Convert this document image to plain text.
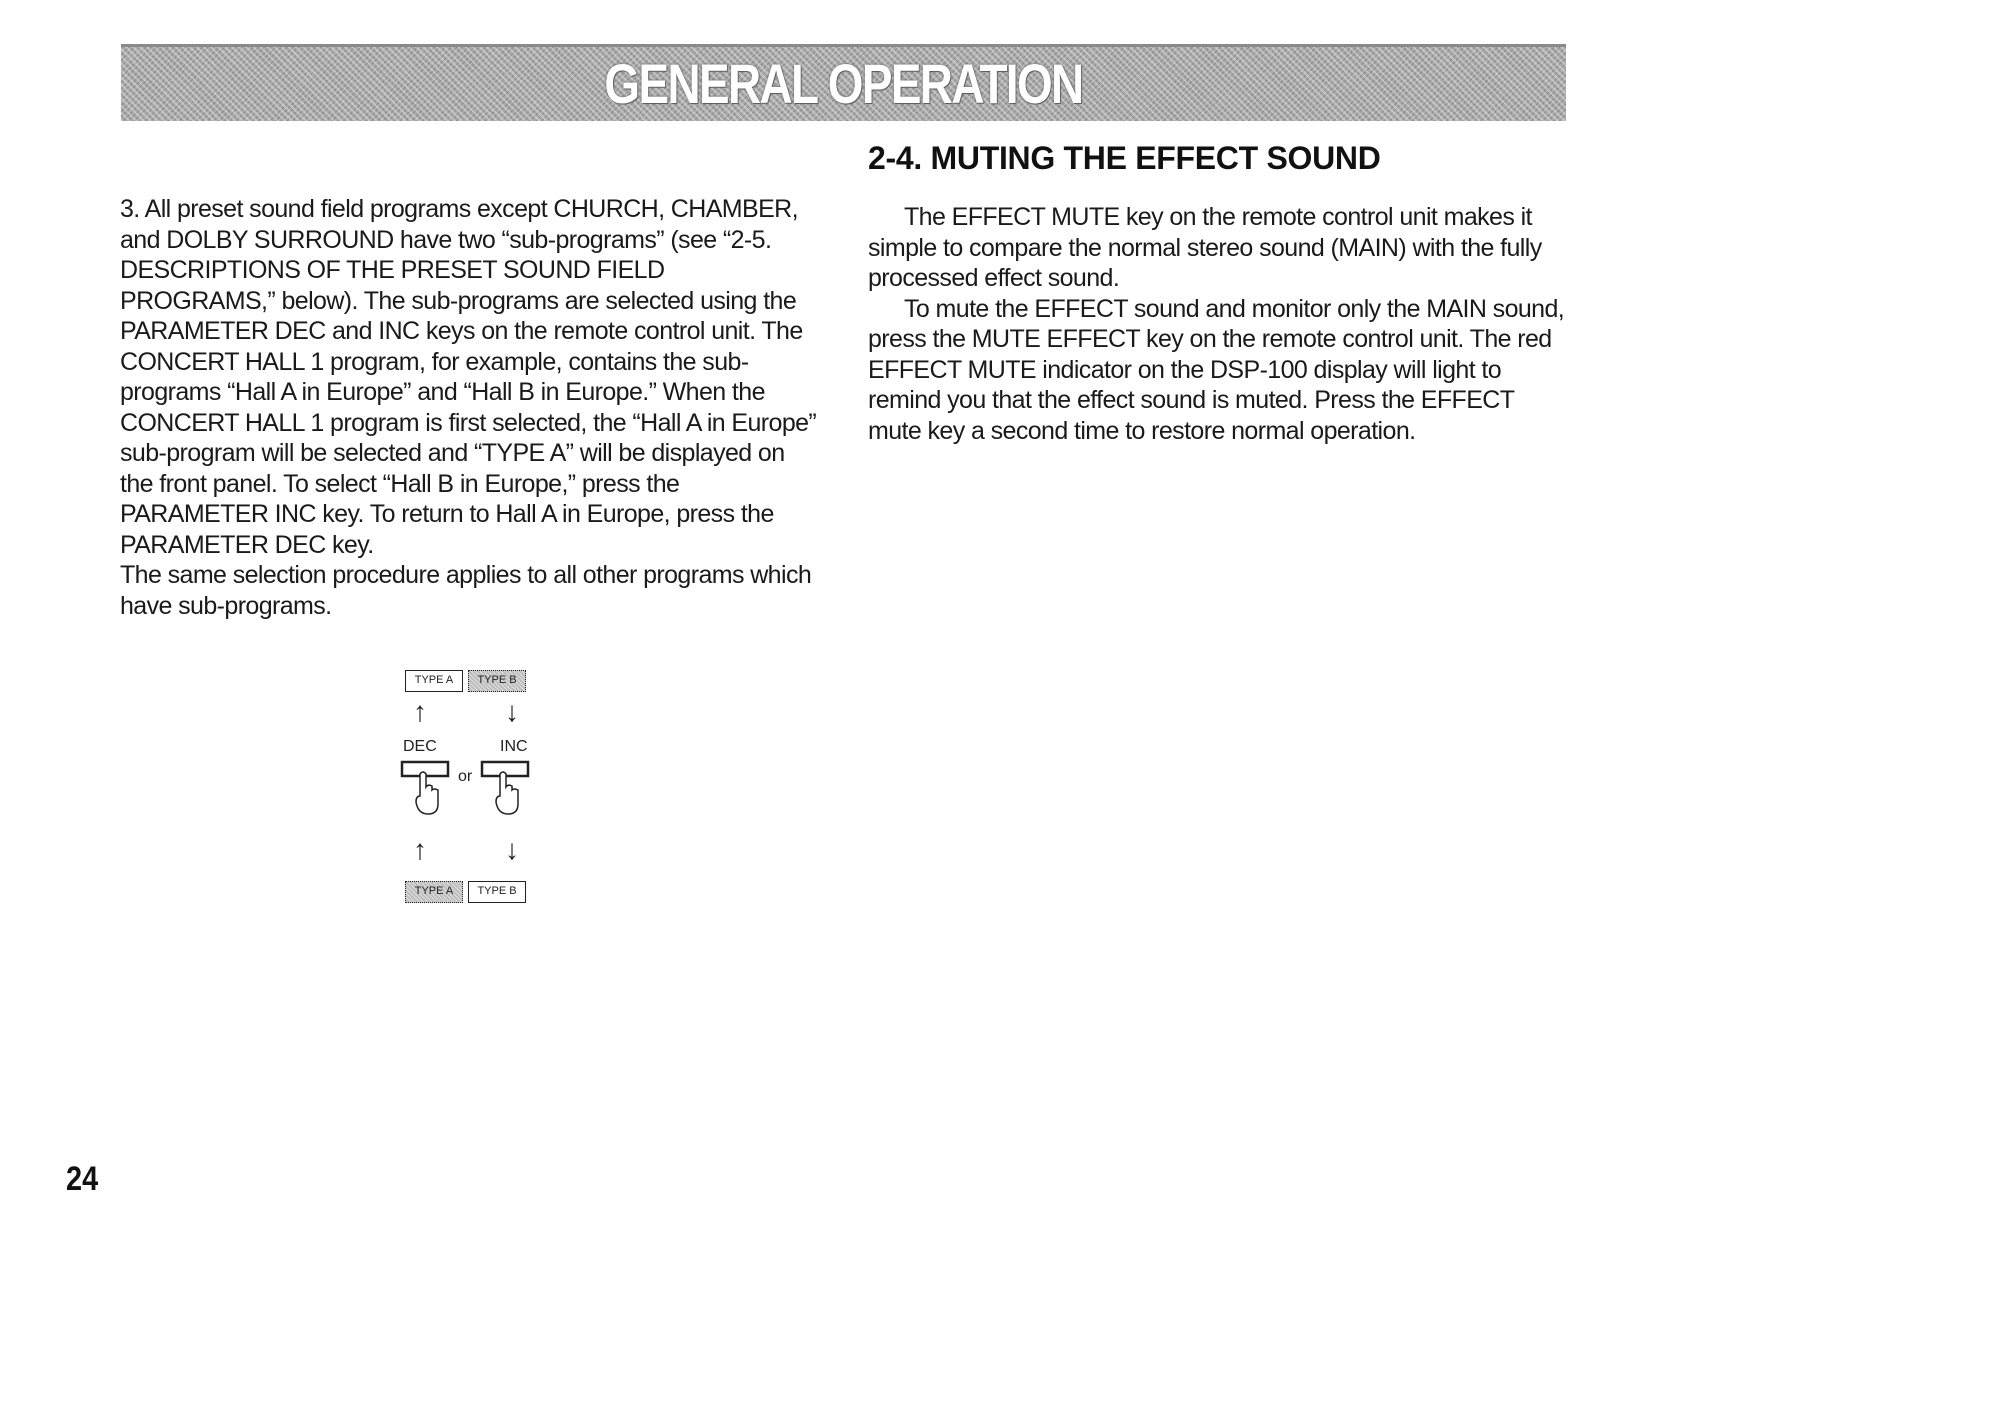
GENERAL OPERATION

3. All preset sound field programs except CHURCH, CHAMBER, and DOLBY SURROUND have two “sub-programs” (see “2-5. DESCRIPTIONS OF THE PRESET SOUND FIELD PROGRAMS,” below). The sub-programs are selected using the PARAMETER DEC and INC keys on the remote control unit. The CONCERT HALL 1 program, for example, contains the sub-programs “Hall A in Europe” and “Hall B in Europe.” When the CONCERT HALL 1 program is first selected, the “Hall A in Europe” sub-program will be selected and “TYPE A” will be displayed on the front panel. To select “Hall B in Europe,” press the PARAMETER INC key. To return to Hall A in Europe, press the PARAMETER DEC key.

The same selection procedure applies to all other programs which have sub-programs.

2-4. MUTING THE EFFECT SOUND

The EFFECT MUTE key on the remote control unit makes it simple to compare the normal stereo sound (MAIN) with the fully processed effect sound.

To mute the EFFECT sound and monitor only the MAIN sound, press the MUTE EFFECT key on the remote control unit. The red EFFECT MUTE indicator on the DSP-100 display will light to remind you that the effect sound is muted. Press the EFFECT mute key a second time to restore normal operation.

TYPE A	TYPE B
↑	↓
DEC	INC
or
↑	↓
TYPE A	TYPE B
24
